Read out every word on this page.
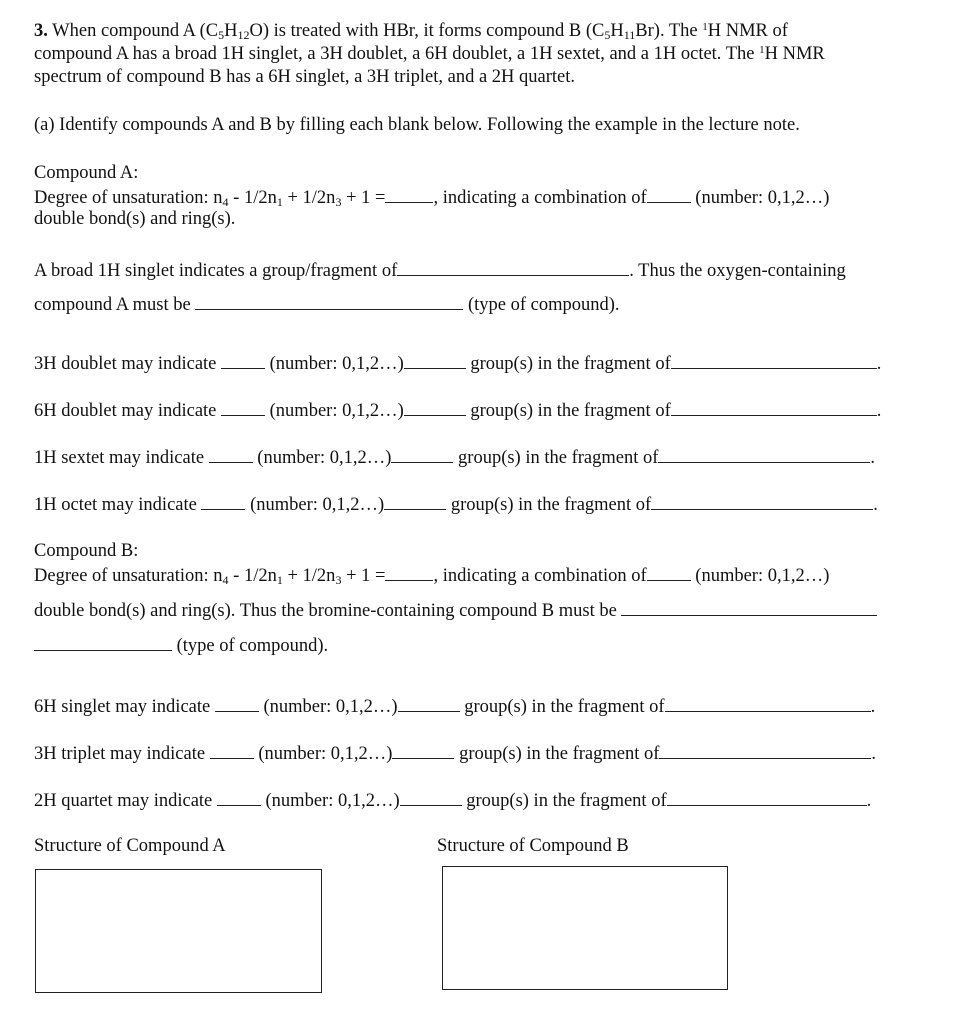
3. When compound A $(C_5H_{12}O)$ is treated with HBr, it forms compound B $(C_5H_{11}Br)$. The $^1$H NMR of
compound A has a broad 1H singlet, a 3H doublet, a 6H doublet, a 1H sextet, and a 1H octet. The $^1$H NMR
spectrum of compound B has a 6H singlet, a 3H triplet, and a 2H quartet.
(a) Identify compounds A and B by filling each blank below. Following the example in the lecture note.
Compound A:
Degree of unsaturation: $n_4 - 1/2n_1 + 1/2n_3 + 1$ =	, indicating a combination of (number: 0,1,2…)
double bond(s) and ring(s).
A broad 1H singlet indicates a group/fragment of	. Thus the oxygen-containing
compound A must be	(type of compound).
3H doublet may indicate	(number: 0,1,2…)	group(s) in the fragment of	.
6H doublet may indicate	(number: 0,1,2…)	group(s) in the fragment of	.
1H sextet may indicate	(number: 0,1,2…)	group(s) in the fragment of	.
1H octet may indicate	(number: 0,1,2…)	group(s) in the fragment of	.
Compound B:
Degree of unsaturation: $n_4 - 1/2n_1 + 1/2n_3 + 1$ =	, indicating a combination of (number: 0,1,2…)
double bond(s) and ring(s). Thus the bromine-containing compound B must be
(type of compound).
6H singlet may indicate	(number: 0,1,2…)	group(s) in the fragment of	.
3H triplet may indicate	(number: 0,1,2…)	group(s) in the fragment of	.
2H quartet may indicate	(number: 0,1,2…)	group(s) in the fragment of	.
Structure of Compound A	Structure of Compound B
